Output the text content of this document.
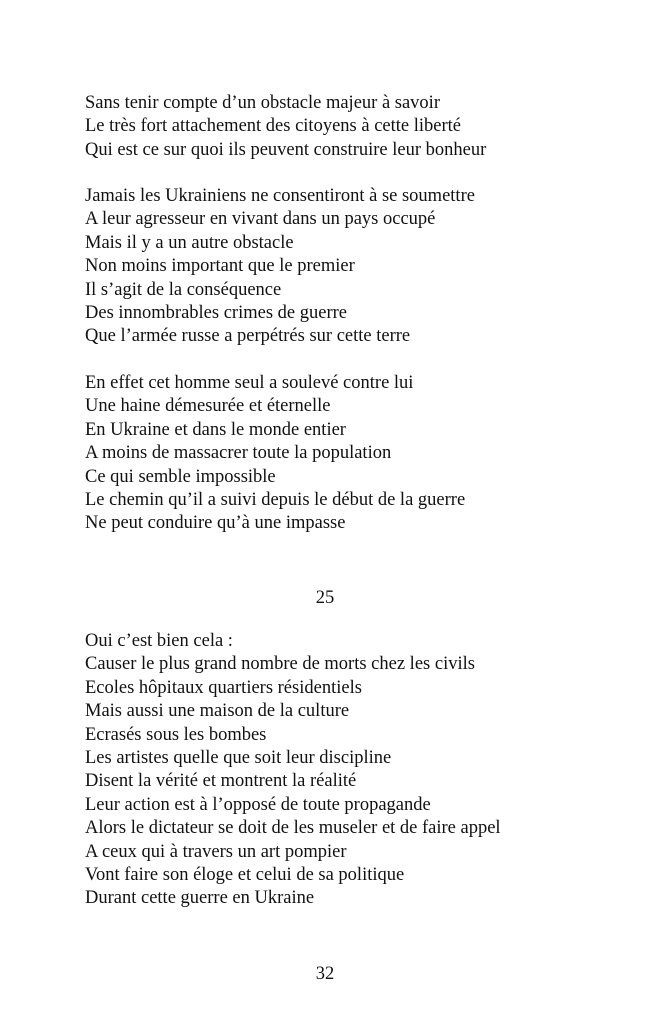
Sans tenir compte d’un obstacle majeur à savoir
Le très fort attachement des citoyens à cette liberté
Qui est ce sur quoi ils peuvent construire leur bonheur
Jamais les Ukrainiens ne consentiront à se soumettre
A leur agresseur en vivant dans un pays occupé
Mais il y a un autre obstacle
Non moins important que le premier
Il s’agit de la conséquence
Des innombrables crimes de guerre
Que l’armée russe a perpétrés sur cette terre
En effet cet homme seul a soulevé contre lui
Une haine démesurée et éternelle
En Ukraine et dans le monde entier
A moins de massacrer toute la population
Ce qui semble impossible
Le chemin qu’il a suivi depuis le début de la guerre
Ne peut conduire qu’à une impasse
25
Oui c’est bien cela :
Causer le plus grand nombre de morts chez les civils
Ecoles hôpitaux quartiers résidentiels
Mais aussi une maison de la culture
Ecrasés sous les bombes
Les artistes quelle que soit leur discipline
Disent la vérité et montrent la réalité
Leur action est à l’opposé de toute propagande
Alors le dictateur se doit de les museler et de faire appel
A ceux qui à travers un art pompier
Vont faire son éloge et celui de sa politique
Durant cette guerre en Ukraine
32
